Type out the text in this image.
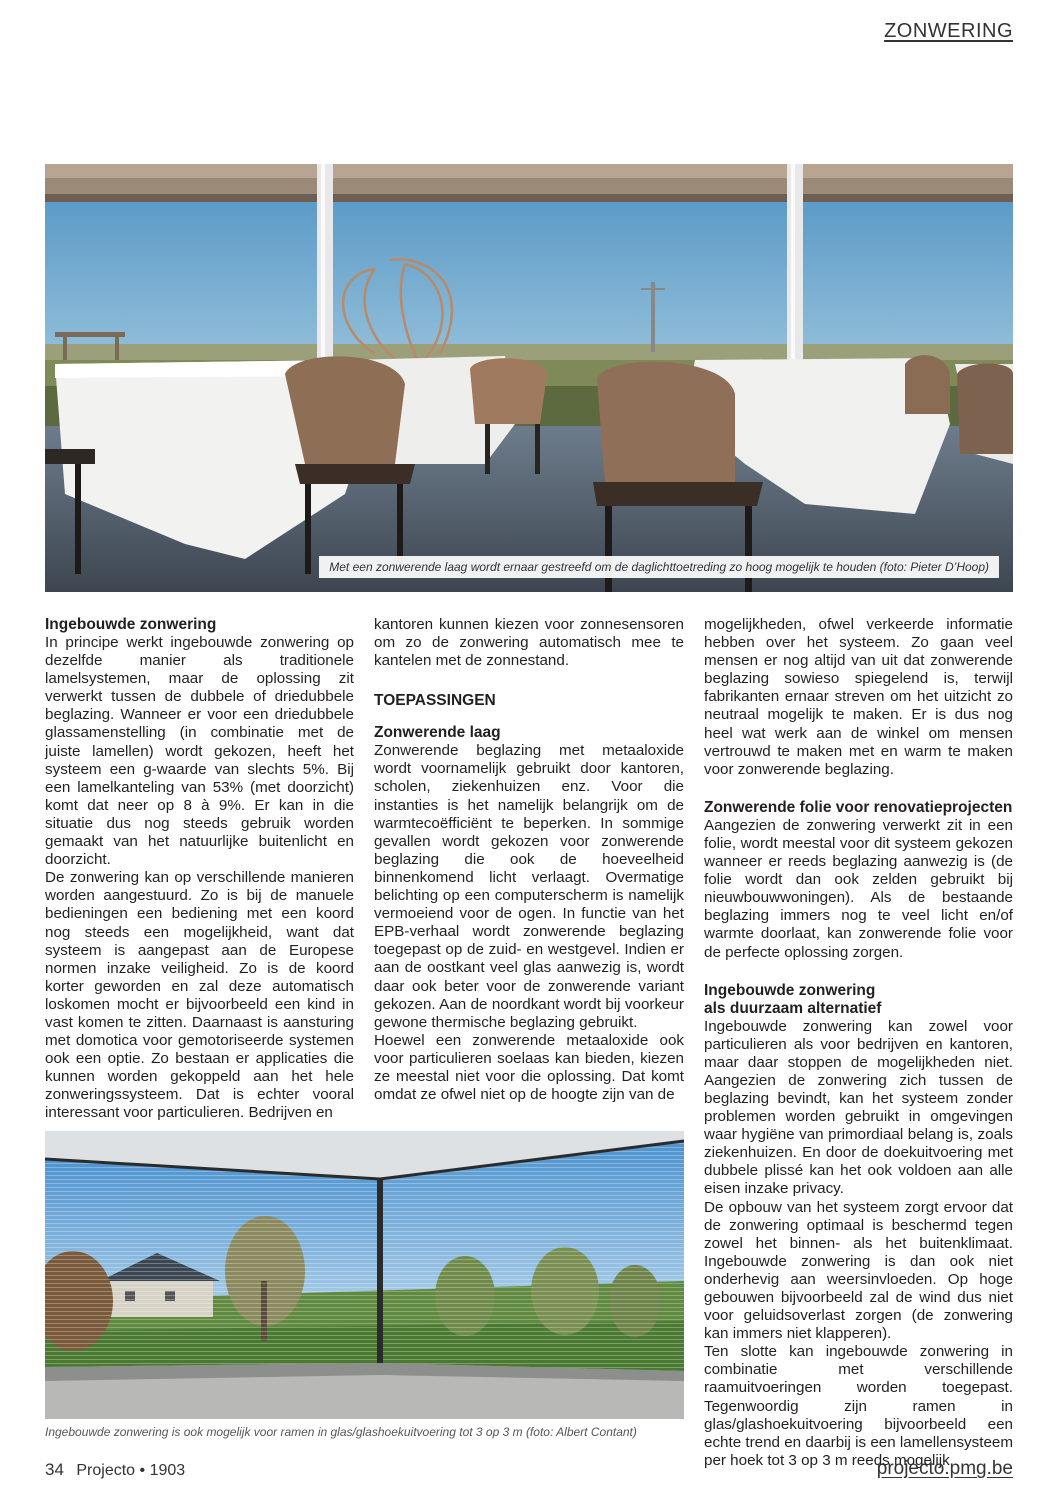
ZONWERING
Met een zonwerende laag wordt ernaar gestreefd om de daglichttoetreding zo hoog mogelijk te houden (foto: Pieter D’Hoop)
Ingebouwde zonwering

In principe werkt ingebouwde zonwering op dezelfde manier als traditionele lamelsystemen, maar de oplossing zit verwerkt tussen de dubbele of driedubbele beglazing. Wanneer er voor een driedubbele glassamenstelling (in combinatie met de juiste lamellen) wordt gekozen, heeft het systeem een g-waarde van slechts 5%. Bij een lamelkanteling van 53% (met doorzicht) komt dat neer op 8 à 9%. Er kan in die situatie dus nog steeds gebruik worden gemaakt van het natuurlijke buitenlicht en doorzicht.

De zonwering kan op verschillende manieren worden aangestuurd. Zo is bij de manuele bedieningen een bediening met een koord nog steeds een mogelijkheid, want dat systeem is aangepast aan de Europese normen inzake veiligheid. Zo is de koord korter geworden en zal deze automatisch loskomen mocht er bijvoorbeeld een kind in vast komen te zitten. Daarnaast is aansturing met domotica voor gemotoriseerde systemen ook een optie. Zo bestaan er applicaties die kunnen worden gekoppeld aan het hele zonweringssysteem. Dat is echter vooral interessant voor particulieren. Bedrijven en

kantoren kunnen kiezen voor zonnesensoren om zo de zonwering automatisch mee te kantelen met de zonnestand.

TOEPASSINGEN
Zonwerende laag

Zonwerende beglazing met metaaloxide wordt voornamelijk gebruikt door kantoren, scholen, ziekenhuizen enz. Voor die instanties is het namelijk belangrijk om de warmtecoëfficiënt te beperken. In sommige gevallen wordt gekozen voor zonwerende beglazing die ook de hoeveelheid binnenkomend licht verlaagt. Overmatige belichting op een computerscherm is namelijk vermoeiend voor de ogen. In functie van het EPB-verhaal wordt zonwerende beglazing toegepast op de zuid- en westgevel. Indien er aan de oostkant veel glas aanwezig is, wordt daar ook beter voor de zonwerende variant gekozen. Aan de noordkant wordt bij voorkeur gewone thermische beglazing gebruikt.

Hoewel een zonwerende metaaloxide ook voor particulieren soelaas kan bieden, kiezen ze meestal niet voor die oplossing. Dat komt omdat ze ofwel niet op de hoogte zijn van de

mogelijkheden, ofwel verkeerde informatie hebben over het systeem. Zo gaan veel mensen er nog altijd van uit dat zonwerende beglazing sowieso spiegelend is, terwijl fabrikanten ernaar streven om het uitzicht zo neutraal mogelijk te maken. Er is dus nog heel wat werk aan de winkel om mensen vertrouwd te maken met en warm te maken voor zonwerende beglazing.

Zonwerende folie voor renovatieprojecten

Aangezien de zonwering verwerkt zit in een folie, wordt meestal voor dit systeem gekozen wanneer er reeds beglazing aanwezig is (de folie wordt dan ook zelden gebruikt bij nieuwbouwwoningen). Als de bestaande beglazing immers nog te veel licht en/of warmte doorlaat, kan zonwerende folie voor de perfecte oplossing zorgen.

Ingebouwde zonwering
als duurzaam alternatief

Ingebouwde zonwering kan zowel voor particulieren als voor bedrijven en kantoren, maar daar stoppen de mogelijkheden niet. Aangezien de zonwering zich tussen de beglazing bevindt, kan het systeem zonder problemen worden gebruikt in omgevingen waar hygiëne van primordiaal belang is, zoals ziekenhuizen. En door de doekuitvoering met dubbele plissé kan het ook voldoen aan alle eisen inzake privacy.

De opbouw van het systeem zorgt ervoor dat de zonwering optimaal is beschermd tegen zowel het binnen- als het buitenklimaat. Ingebouwde zonwering is dan ook niet onderhevig aan weersinvloeden. Op hoge gebouwen bijvoorbeeld zal de wind dus niet voor geluidsoverlast zorgen (de zonwering kan immers niet klapperen).

Ten slotte kan ingebouwde zonwering in combinatie met verschillende raamuitvoeringen worden toegepast. Tegenwoordig zijn ramen in glas/glashoekuitvoering bijvoorbeeld een echte trend en daarbij is een lamellensysteem per hoek tot 3 op 3 m reeds mogelijk.

Ingebouwde zonwering is ook mogelijk voor ramen in glas/glashoekuitvoering tot 3 op 3 m (foto: Albert Contant)
34 Projecto • 1903	projecto.pmg.be
